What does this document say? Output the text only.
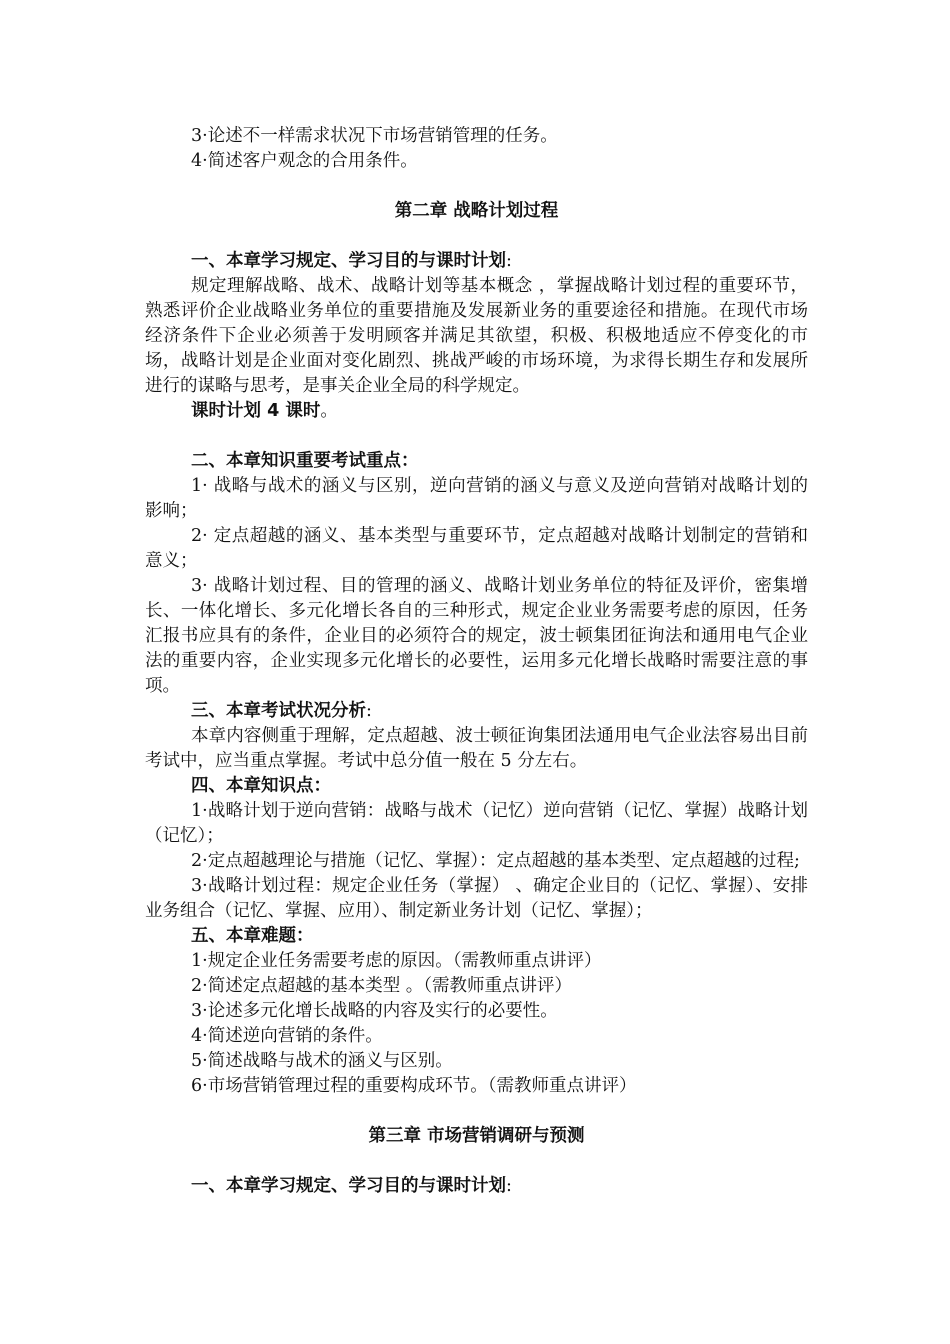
3·论述不一样需求状况下市场营销管理的任务。

4·简述客户观念的合用条件。

第二章 战略计划过程

一、本章学习规定、学习目的与课时计划:

规定理解战略、战术、战略计划等基本概念 ，掌握战略计划过程的重要环节，熟悉评价企业战略业务单位的重要措施及发展新业务的重要途径和措施。在现代市场经济条件下企业必须善于发明顾客并满足其欲望，积极、积极地适应不停变化的市场，战略计划是企业面对变化剧烈、挑战严峻的市场环境，为求得长期生存和发展所进行的谋略与思考，是事关企业全局的科学规定。

课时计划 4 课时。

二、本章知识重要考试重点：

1· 战略与战术的涵义与区别，逆向营销的涵义与意义及逆向营销对战略计划的影响；

2· 定点超越的涵义、基本类型与重要环节，定点超越对战略计划制定的营销和意义；

3· 战略计划过程、目的管理的涵义、战略计划业务单位的特征及评价，密集增长、一体化增长、多元化增长各自的三种形式，规定企业业务需要考虑的原因，任务汇报书应具有的条件，企业目的必须符合的规定，波士顿集团征询法和通用电气企业法的重要内容，企业实现多元化增长的必要性，运用多元化增长战略时需要注意的事项。

三、本章考试状况分析:

本章内容侧重于理解，定点超越、波士顿征询集团法通用电气企业法容易出目前考试中，应当重点掌握。考试中总分值一般在 5 分左右。

四、本章知识点：

1·战略计划于逆向营销：战略与战术（记忆）逆向营销（记忆、掌握）战略计划（记忆）；

2·定点超越理论与措施（记忆、掌握）：定点超越的基本类型、定点超越的过程;

3·战略计划过程：规定企业任务（掌握） 、确定企业目的（记忆、掌握）、安排业务组合（记忆、掌握、应用）、制定新业务计划（记忆、掌握）；

五、本章难题：

1·规定企业任务需要考虑的原因。（需教师重点讲评）

2·简述定点超越的基本类型 。（需教师重点讲评）

3·论述多元化增长战略的内容及实行的必要性。

4·简述逆向营销的条件。

5·简述战略与战术的涵义与区别。

6·市场营销管理过程的重要构成环节。（需教师重点讲评）

第三章 市场营销调研与预测

一、本章学习规定、学习目的与课时计划:
